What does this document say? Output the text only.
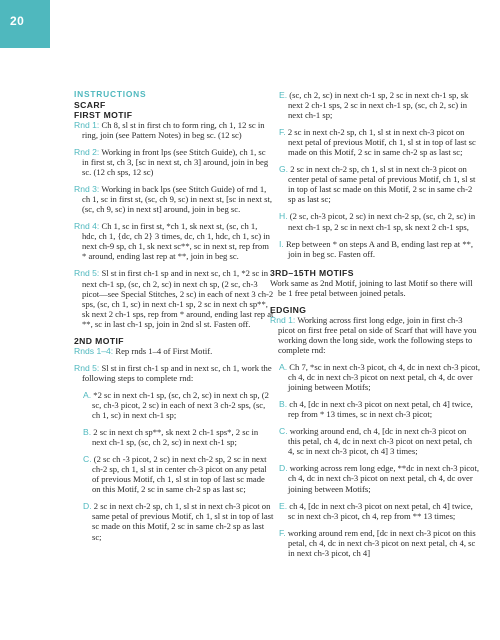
20
INSTRUCTIONS
SCARF
FIRST MOTIF

Rnd 1: Ch 8, sl st in first ch to form ring, ch 1, 12 sc in ring, join (see Pattern Notes) in beg sc. (12 sc)

Rnd 2: Working in front lps (see Stitch Guide), ch 1, sc in first st, ch 3, [sc in next st, ch 3] around, join in beg sc. (12 ch sps, 12 sc)

Rnd 3: Working in back lps (see Stitch Guide) of rnd 1, ch 1, sc in first st, (sc, ch 9, sc) in next st, [sc in next st, (sc, ch 9, sc) in next st] around, join in beg sc.

Rnd 4: Ch 1, sc in first st, *ch 1, sk next st, (sc, ch 1, hdc, ch 1, {dc, ch 2} 3 times, dc, ch 1, hdc, ch 1, sc) in next ch-9 sp, ch 1, sk next sc**, sc in next st, rep from * around, ending last rep at **, join in beg sc.

Rnd 5: Sl st in first ch-1 sp and in next sc, ch 1, *2 sc in next ch-1 sp, (sc, ch 2, sc) in next ch sp, (2 sc, ch-3 picot—see Special Stitches, 2 sc) in each of next 3 ch-2 sps, (sc, ch 1, sc) in next ch-1 sp, 2 sc in next ch sp**, sk next 2 ch-1 sps, rep from * around, ending last rep at **, sc in last ch-1 sp, join in 2nd sl st. Fasten off.

2ND MOTIF

Rnds 1–4: Rep rnds 1–4 of First Motif.

Rnd 5: Sl st in first ch-1 sp and in next sc, ch 1, work the following steps to complete rnd:

A. *2 sc in next ch-1 sp, (sc, ch 2, sc) in next ch sp, (2 sc, ch-3 picot, 2 sc) in each of next 3 ch-2 sps, (sc, ch 1, sc) in next ch-1 sp;

B. 2 sc in next ch sp**, sk next 2 ch-1 sps*, 2 sc in next ch-1 sp, (sc, ch 2, sc) in next ch-1 sp;

C. (2 sc ch -3 picot, 2 sc) in next ch-2 sp, 2 sc in next ch-2 sp, ch 1, sl st in center ch-3 picot on any petal of previous Motif, ch 1, sl st in top of last sc made on this Motif, 2 sc in same ch-2 sp as last sc;

D. 2 sc in next ch-2 sp, ch 1, sl st in next ch-3 picot on same petal of previous Motif, ch 1, sl st in top of last sc made on this Motif, 2 sc in same ch-2 sp as last sc;

E. (sc, ch 2, sc) in next ch-1 sp, 2 sc in next ch-1 sp, sk next 2 ch-1 sps, 2 sc in next ch-1 sp, (sc, ch 2, sc) in next ch-1 sp;

F. 2 sc in next ch-2 sp, ch 1, sl st in next ch-3 picot on next petal of previous Motif, ch 1, sl st in top of last sc made on this Motif, 2 sc in same ch-2 sp as last sc;

G. 2 sc in next ch-2 sp, ch 1, sl st in next ch-3 picot on center petal of same petal of previous Motif, ch 1, sl st in top of last sc made on this Motif, 2 sc in same ch-2 sp as last sc;

H. (2 sc, ch-3 picot, 2 sc) in next ch-2 sp, (sc, ch 2, sc) in next ch-1 sp, 2 sc in next ch-1 sp, sk next 2 ch-1 sps,

I. Rep between * on steps A and B, ending last rep at **, join in beg sc. Fasten off.

3RD–15TH MOTIFS

Work same as 2nd Motif, joining to last Motif so there will be 1 free petal between joined petals.

EDGING

Rnd 1: Working across first long edge, join in first ch-3 picot on first free petal on side of Scarf that will have you working down the long side, work the following steps to complete rnd:

A. Ch 7, *sc in next ch-3 picot, ch 4, dc in next ch-3 picot, ch 4, dc in next ch-3 picot on next petal, ch 4, dc over joining between Motifs;

B. ch 4, [dc in next ch-3 picot on next petal, ch 4] twice, rep from * 13 times, sc in next ch-3 picot;

C. working around end, ch 4, [dc in next ch-3 picot on this petal, ch 4, dc in next ch-3 picot on next petal, ch 4, sc in next ch-3 picot, ch 4] 3 times;

D. working across rem long edge, **dc in next ch-3 picot, ch 4, dc in next ch-3 picot on next petal, ch 4, dc over joining between Motifs;

E. ch 4, [dc in next ch-3 picot on next petal, ch 4] twice, sc in next ch-3 picot, ch 4, rep from ** 13 times;

F. working around rem end, [dc in next ch-3 picot on this petal, ch 4, dc in next ch-3 picot on next petal, ch 4, sc in next ch-3 picot, ch 4]
